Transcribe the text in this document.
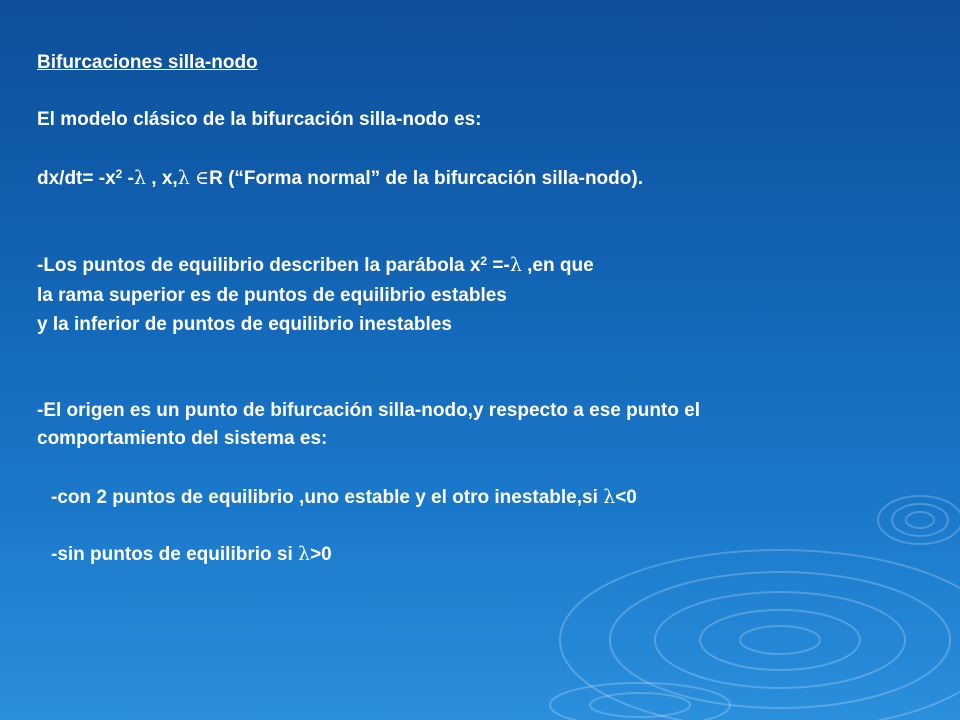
Bifurcaciones silla-nodo

El modelo clásico de la bifurcación silla-nodo es:

$dx/dt= -x^2$ -λ , x,λ ∈R (“Forma normal” de la bifurcación silla-nodo).

-Los puntos de equilibrio describen la parábola $x^2 =-\lambda$ ,en que

la rama superior es de puntos de equilibrio estables

y la inferior de puntos de equilibrio inestables

-El origen es un punto de bifurcación silla-nodo,y respecto a ese punto el

comportamiento del sistema es:

-con 2 puntos de equilibrio ,uno estable y el otro inestable,si λ<0

-sin puntos de equilibrio si λ>0
